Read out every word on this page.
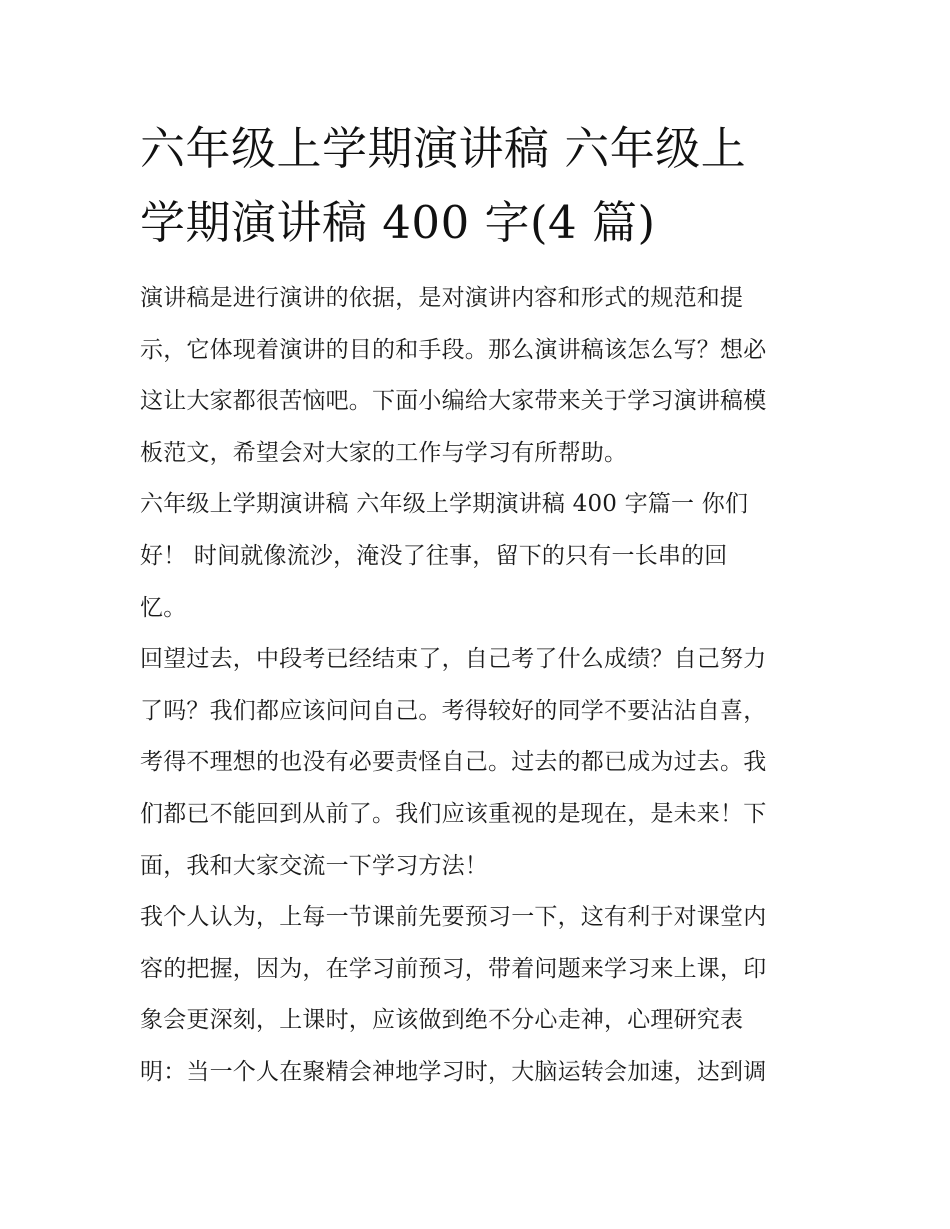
六年级上学期演讲稿 六年级上
学期演讲稿 400 字(4 篇)
演讲稿是进行演讲的依据，是对演讲内容和形式的规范和提
示，它体现着演讲的目的和手段。那么演讲稿该怎么写？想必
这让大家都很苦恼吧。下面小编给大家带来关于学习演讲稿模
板范文，希望会对大家的工作与学习有所帮助。
六年级上学期演讲稿 六年级上学期演讲稿 400 字篇一 你们
好！ 时间就像流沙，淹没了往事，留下的只有一长串的回
忆。
回望过去，中段考已经结束了，自己考了什么成绩？自己努力
了吗？我们都应该问问自己。考得较好的同学不要沾沾自喜，
考得不理想的也没有必要责怪自己。过去的都已成为过去。我
们都已不能回到从前了。我们应该重视的是现在，是未来！下
面，我和大家交流一下学习方法！
我个人认为，上每一节课前先要预习一下，这有利于对课堂内
容的把握，因为，在学习前预习，带着问题来学习来上课，印
象会更深刻，上课时，应该做到绝不分心走神，心理研究表
明：当一个人在聚精会神地学习时，大脑运转会加速，达到调
